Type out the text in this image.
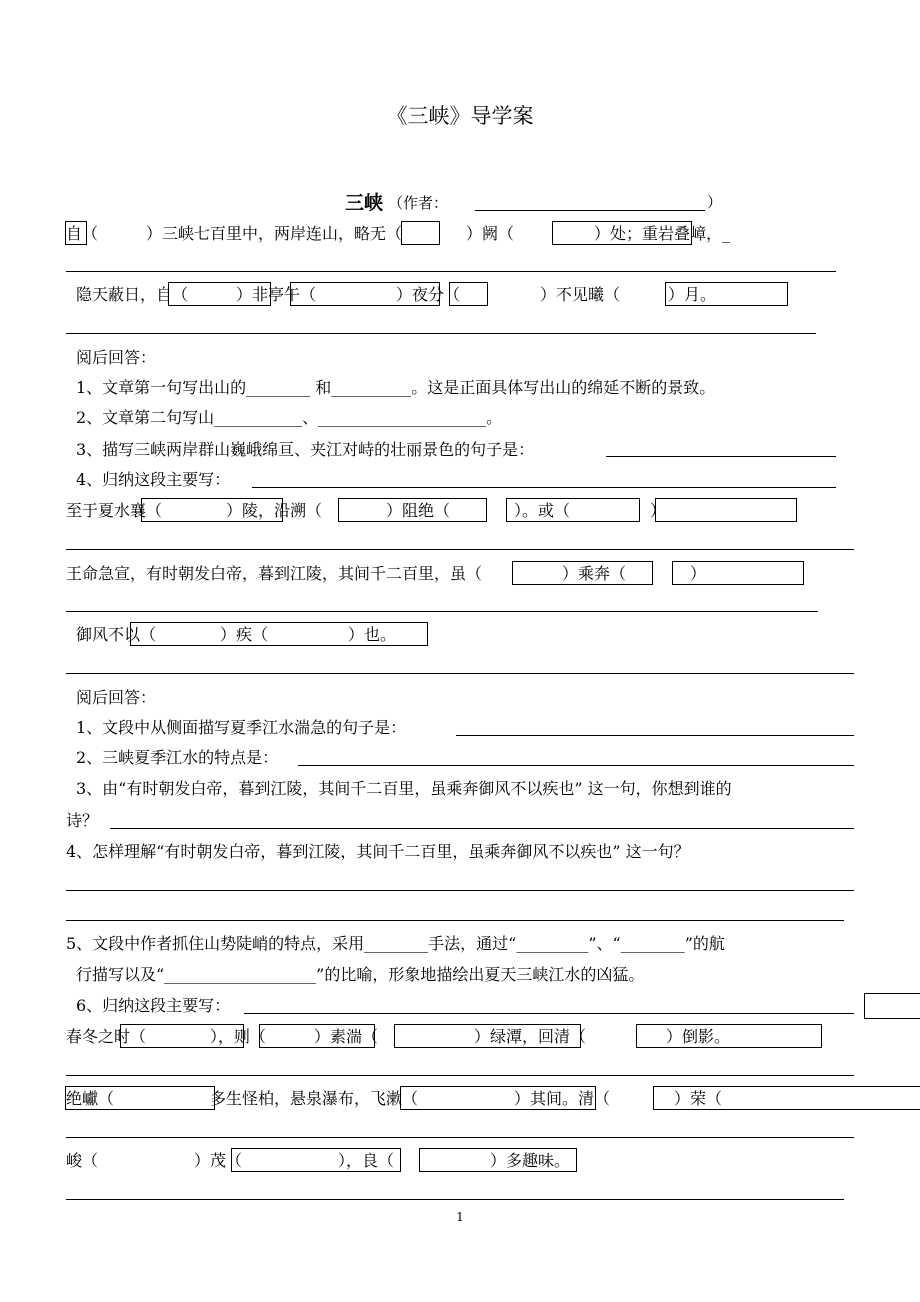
《三峡》导学案
三峡 （作者：	）
自（　　　）三峡七百里中，两岸连山，略无（　　　　）阙（　　　　　）处；重岩叠嶂，_
隐天蔽日，自（　　　）非亭午（　　　　　）夜分（　　　　　）不见曦（　　　）月。
阅后回答：
1、文章第一句写出山的________ 和__________。这是正面具体写出山的绵延不断的景致。
2、文章第二句写山___________、_____________________。
3、描写三峡两岸群山巍峨绵亘、夹江对峙的壮丽景色的句子是：
4、归纳这段主要写：
至于夏水襄（　　　　）陵，沿溯（　　　　）阻绝（　　　　）。或（　　　　　）
王命急宣，有时朝发白帝，暮到江陵，其间千二百里，虽（　　　　　）乘奔（　　　　）
御风不以（　　　　）疾（　　　　　）也。
阅后回答：
1、文段中从侧面描写夏季江水湍急的句子是：
2、三峡夏季江水的特点是：
3、由“有时朝发白帝，暮到江陵，其间千二百里，虽乘奔御风不以疾也” 这一句，你想到谁的
诗？
4、怎样理解“有时朝发白帝，暮到江陵，其间千二百里，虽乘奔御风不以疾也” 这一句？
5、文段中作者抓住山势陡峭的特点，采用________手法，通过“_________”、“________”的航
行描写以及“___________________”的比喻，形象地描绘出夏天三峡江水的凶猛。
6、归纳这段主要写：
春冬之时（　　　　），则（　　　）素湍（　　　　　　）绿潭，回清（　　　　　）倒影。
绝巘（　　　　　　多生怪柏，悬泉瀑布，飞漱（　　　　　　）其间。清（　　　　）荣（
峻（　　　　　　）茂（　　　　　　），良（　　　　　　）多趣味。
1
